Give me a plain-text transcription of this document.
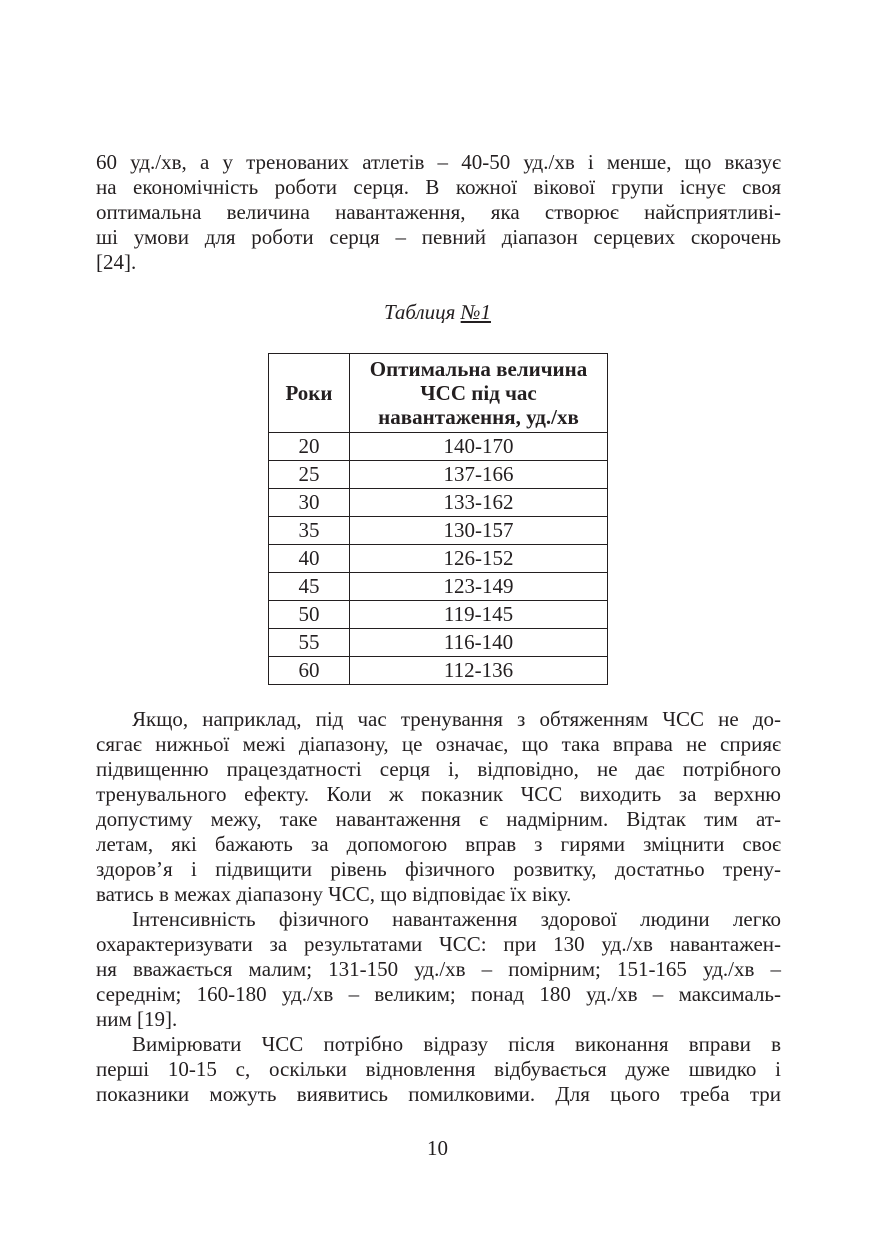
60 уд./хв, а у тренованих атлетів – 40-50 уд./хв і менше, що вказує
на економічність роботи серця. В кожної вікової групи існує своя
оптимальна величина навантаження, яка створює найсприятливі-
ші умови для роботи серця – певний діапазон серцевих скорочень
[24].
Таблиця №1
Роки	Оптимальна величина ЧСС під час навантаження, уд./хв
20	140-170
25	137-166
30	133-162
35	130-157
40	126-152
45	123-149
50	119-145
55	116-140
60	112-136
Якщо, наприклад, під час тренування з обтяженням ЧСС не до-
сягає нижньої межі діапазону, це означає, що така вправа не сприяє
підвищенню працездатності серця і, відповідно, не дає потрібного
тренувального ефекту. Коли ж показник ЧСС виходить за верхню
допустиму межу, таке навантаження є надмірним. Відтак тим ат-
летам, які бажають за допомогою вправ з гирями зміцнити своє
здоров’я і підвищити рівень фізичного розвитку, достатньо трену-
ватись в межах діапазону ЧСС, що відповідає їх віку.
Інтенсивність фізичного навантаження здорової людини легко
охарактеризувати за результатами ЧСС: при 130 уд./хв навантажен-
ня вважається малим; 131-150 уд./хв – помірним; 151-165 уд./хв –
середнім; 160-180 уд./хв – великим; понад 180 уд./хв – максималь-
ним [19].
Вимірювати ЧСС потрібно відразу після виконання вправи в
перші 10-15 с, оскільки відновлення відбувається дуже швидко і
показники можуть виявитись помилковими. Для цього треба три
10
